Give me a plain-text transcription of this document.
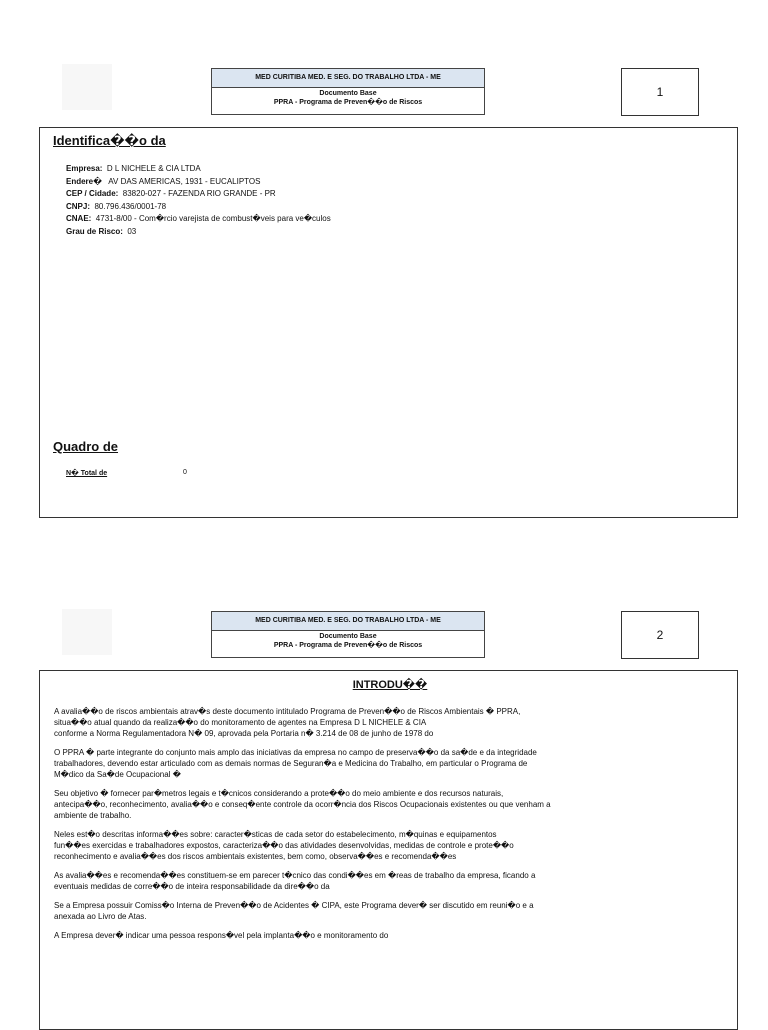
MED CURITIBA MED. E SEG. DO TRABALHO LTDA - ME
Documento Base
PPRA - Programa de Preven��o de Riscos
1
Identifica��o da
Empresa: D L NICHELE & CIA LTDA
Endere� AV DAS AMERICAS, 1931 - EUCALIPTOS
CEP / Cidade: 83820-027 - FAZENDA RIO GRANDE - PR
CNPJ: 80.796.436/0001-78
CNAE: 4731-8/00 - Com�rcio varejista de combust�veis para ve�culos
Grau de Risco: 03
Quadro de
N� Total de	0
MED CURITIBA MED. E SEG. DO TRABALHO LTDA - ME
Documento Base
PPRA - Programa de Preven��o de Riscos
2
INTRODU��
A avalia��o de riscos ambientais atrav�s deste documento intitulado Programa de Preven��o de Riscos Ambientais � PPRA,
situa��o atual quando da realiza��o do monitoramento de agentes na Empresa D L NICHELE & CIA
conforme a Norma Regulamentadora N� 09, aprovada pela Portaria n� 3.214 de 08 de junho de 1978 do
O PPRA � parte integrante do conjunto mais amplo das iniciativas da empresa no campo de preserva��o da sa�de e da integridade
trabalhadores, devendo estar articulado com as demais normas de Seguran�a e Medicina do Trabalho, em particular o Programa de
M�dico da Sa�de Ocupacional �
Seu objetivo � fornecer par�metros legais e t�cnicos considerando a prote��o do meio ambiente e dos recursos naturais,
antecipa��o, reconhecimento, avalia��o e conseq�ente controle da ocorr�ncia dos Riscos Ocupacionais existentes ou que venham a
ambiente de trabalho.
Neles est�o descritas informa��es sobre: caracter�sticas de cada setor do estabelecimento, m�quinas e equipamentos
fun��es exercidas e trabalhadores expostos, caracteriza��o das atividades desenvolvidas, medidas de controle e prote��o
reconhecimento e avalia��es dos riscos ambientais existentes, bem como, observa��es e recomenda��es
As avalia��es e recomenda��es constituem-se em parecer t�cnico das condi��es em �reas de trabalho da empresa, ficando a
eventuais medidas de corre��o de inteira responsabilidade da dire��o da
Se a Empresa possuir Comiss�o Interna de Preven��o de Acidentes � CIPA, este Programa dever� ser discutido em reuni�o e a
anexada ao Livro de Atas.
A Empresa dever� indicar uma pessoa respons�vel pela implanta��o e monitoramento do
